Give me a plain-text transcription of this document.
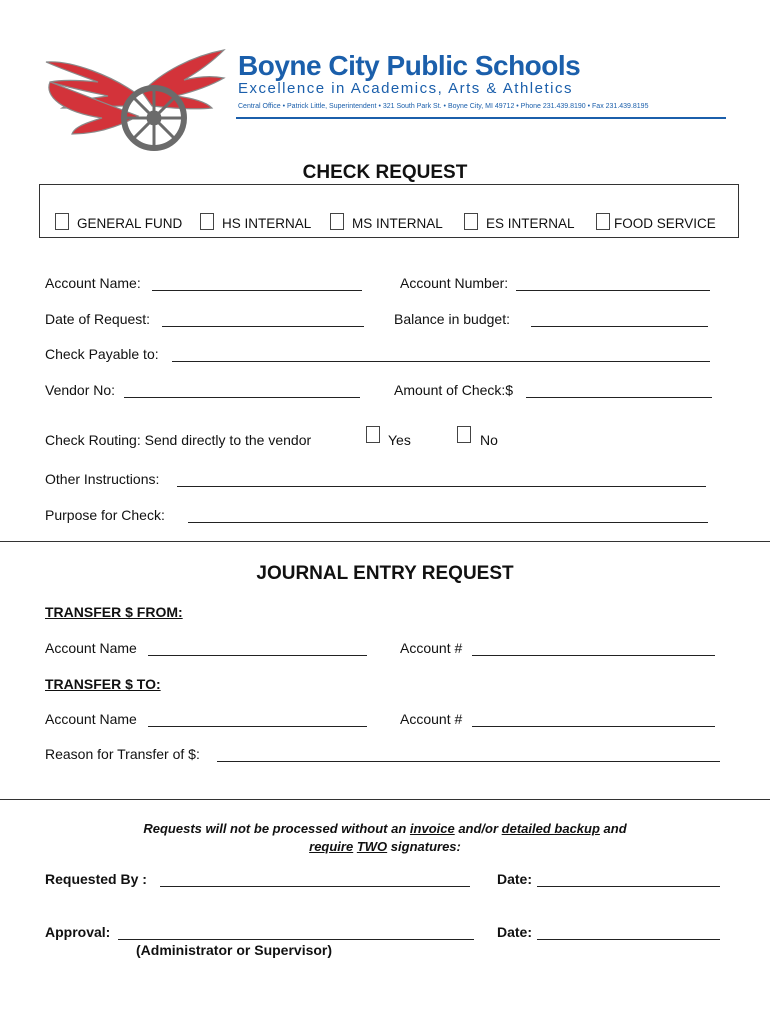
Boyne City Public Schools
Excellence in Academics, Arts & Athletics
Central Office • Patrick Little, Superintendent • 321 South Park St. • Boyne City, MI 49712 • Phone 231.439.8190 • Fax 231.439.8195
CHECK REQUEST
GENERAL FUND	HS INTERNAL	MS INTERNAL	ES INTERNAL	FOOD SERVICE
Account Name:	Account Number:
Date of Request:	Balance in budget:
Check Payable to:
Vendor No:	Amount of Check:$
Check Routing: Send directly to the vendor	Yes	No
Other Instructions:
Purpose for Check:
JOURNAL ENTRY REQUEST
TRANSFER $ FROM:
Account Name	Account #
TRANSFER $ TO:
Account Name	Account #
Reason for Transfer of $:
Requests will not be processed without an invoice and/or detailed backup and
require TWO signatures:
Requested By :	Date:
Approval:	Date:
(Administrator or Supervisor)
